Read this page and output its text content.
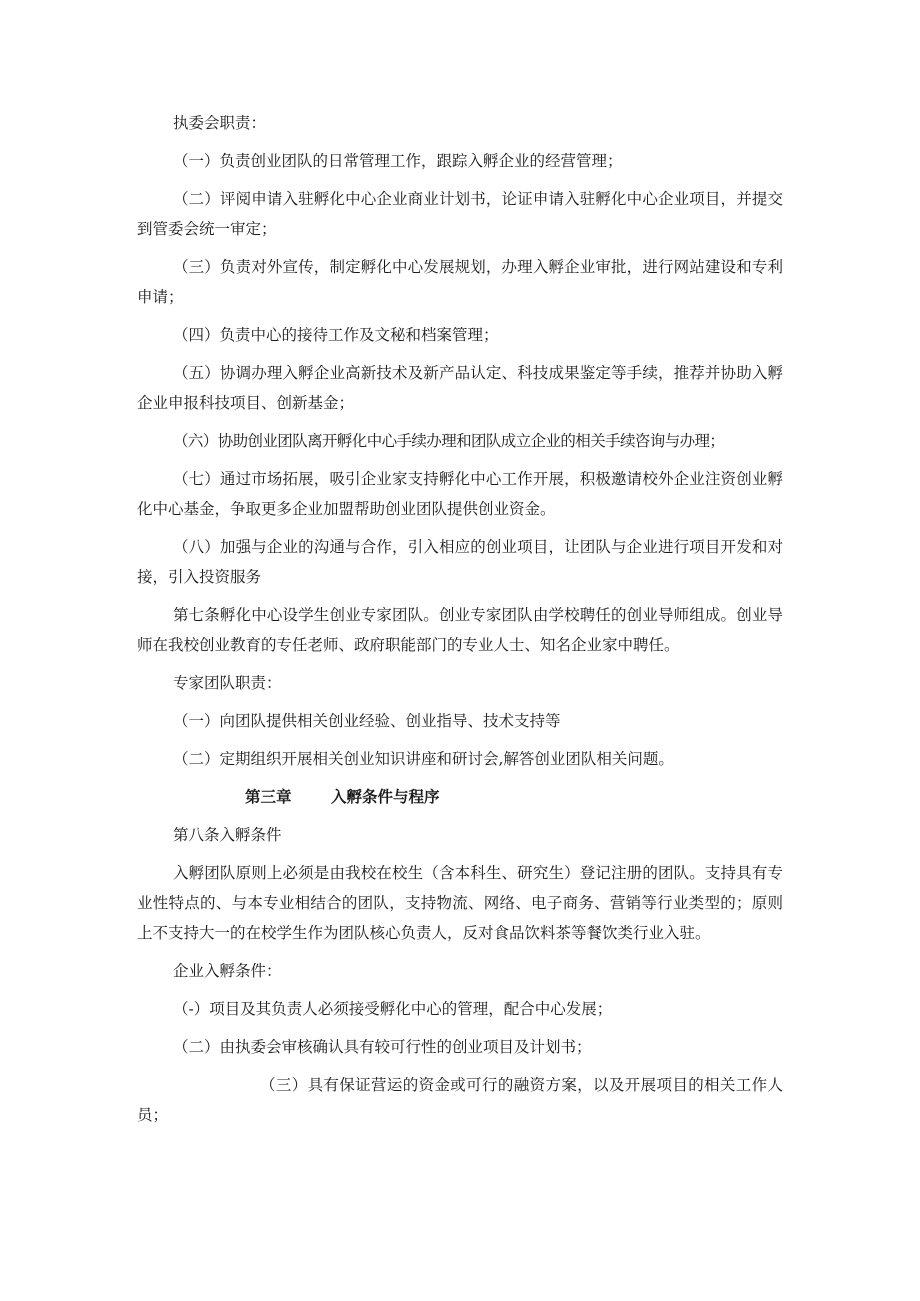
执委会职责：

（一）负责创业团队的日常管理工作，跟踪入孵企业的经营管理；

（二）评阅申请入驻孵化中心企业商业计划书，论证申请入驻孵化中心企业项目，并提交到管委会统一审定；

（三）负责对外宣传，制定孵化中心发展规划，办理入孵企业审批，进行网站建设和专利申请；

（四）负责中心的接待工作及文秘和档案管理；

（五）协调办理入孵企业高新技术及新产品认定、科技成果鉴定等手续，推荐并协助入孵企业申报科技项目、创新基金；

（六）协助创业团队离开孵化中心手续办理和团队成立企业的相关手续咨询与办理；

（七）通过市场拓展，吸引企业家支持孵化中心工作开展，积极邀请校外企业注资创业孵化中心基金，争取更多企业加盟帮助创业团队提供创业资金。

（八）加强与企业的沟通与合作，引入相应的创业项目，让团队与企业进行项目开发和对接，引入投资服务

第七条孵化中心设学生创业专家团队。创业专家团队由学校聘任的创业导师组成。创业导师在我校创业教育的专任老师、政府职能部门的专业人士、知名企业家中聘任。

专家团队职责：

（一）向团队提供相关创业经验、创业指导、技术支持等

（二）定期组织开展相关创业知识讲座和研讨会,解答创业团队相关问题。

第三章	入孵条件与程序

第八条入孵条件

入孵团队原则上必须是由我校在校生（含本科生、研究生）登记注册的团队。支持具有专业性特点的、与本专业相结合的团队，支持物流、网络、电子商务、营销等行业类型的；原则上不支持大一的在校学生作为团队核心负责人，反对食品饮料茶等餐饮类行业入驻。

企业入孵条件：

（-）项目及其负责人必须接受孵化中心的管理，配合中心发展；

（二）由执委会审核确认具有较可行性的创业项目及计划书；

（三）具有保证营运的资金或可行的融资方案，以及开展项目的相关工作人员；
